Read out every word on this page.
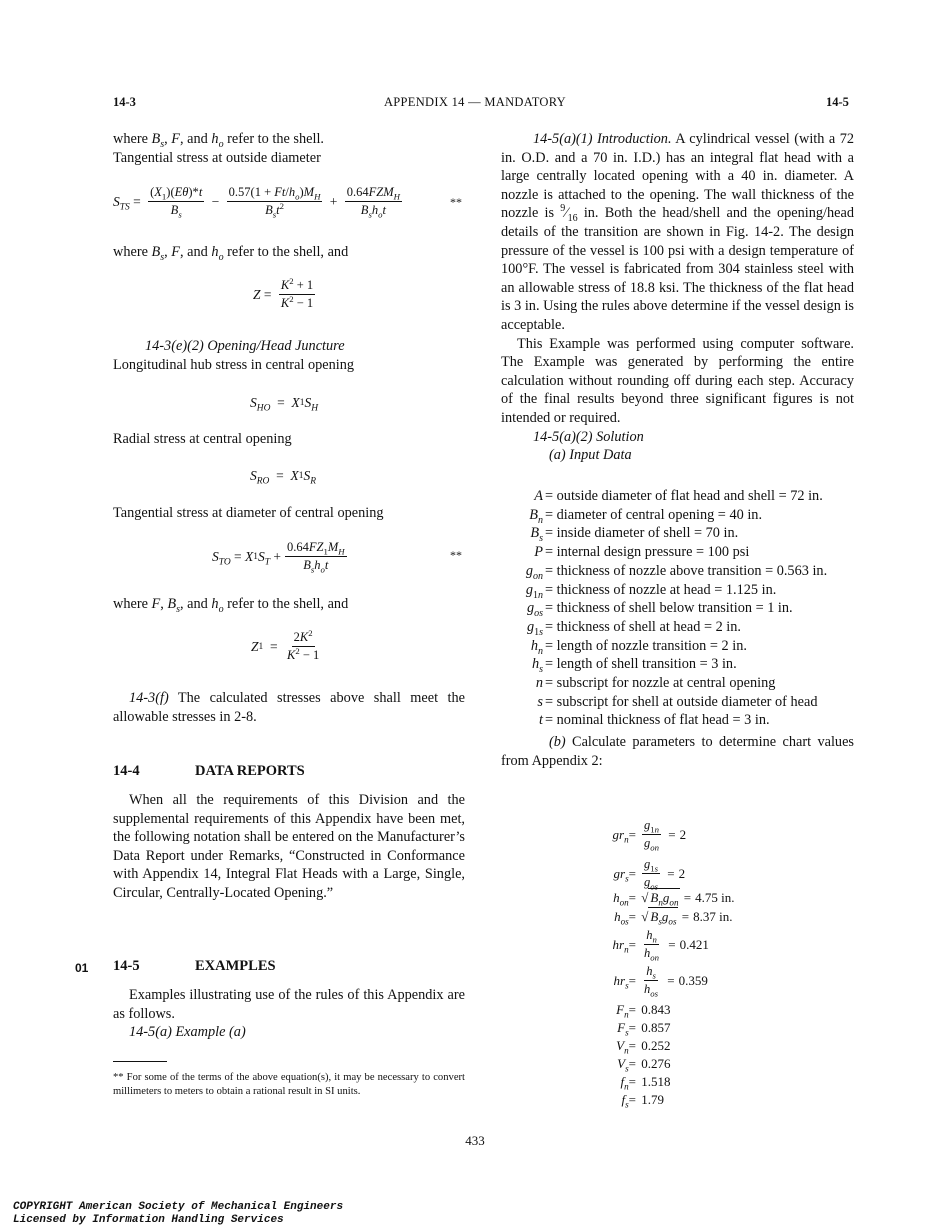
14-3	APPENDIX 14 — MANDATORY	14-5

where $B_s$, F, and $h_o$ refer to the shell.

Tangential stress at outside diameter

$S_{TS} = \frac{(X_1)(E\theta)*t}{B_s} - \frac{0.57(1 + Ft/h_o)M_H}{B_st^2} + \frac{0.64FZM_H}{B_sh_ot}$	**

where $B_s$, F, and $h_o$ refer to the shell, and

$Z = \frac{K^2 + 1}{K^2 - 1}$

14-3(e)(2) Opening/Head Juncture

Longitudinal hub stress in central opening

$S_{HO} = X$ 1 $S_H$
Radial stress at central opening
$S_{RO} = X$ 1 $S_R$
Tangential stress at diameter of central opening
$S_{TO} = X$ 1 $S_T + \frac{0.64FZ_1M_H}{B_sh_ot}$	**

where F, $B_s$, and $h_o$ refer to the shell, and

Z $1 = \frac{2K^2}{K^2 - 1}$

14-3(f) The calculated stresses above shall meet the allowable stresses in 2-8.

14-4	DATA REPORTS

When all the requirements of this Division and the supplemental requirements of this Appendix have been met, the following notation shall be entered on the Manufacturer’s Data Report under Remarks, “Constructed in Conformance with Appendix 14, Integral Flat Heads with a Large, Single, Circular, Centrally-Located Opening.”

01 14-5	EXAMPLES

Examples illustrating use of the rules of this Appendix are as follows.

14-5(a) Example (a)

** For some of the terms of the above equation(s), it may be necessary to convert millimeters to meters to obtain a rational result in SI units.

14-5(a)(1) Introduction. A cylindrical vessel (with a 72 in. O.D. and a 70 in. I.D.) has an integral flat head with a large centrally located opening with a 40 in. diameter. A nozzle is attached to the opening. The wall thickness of the nozzle is $^9⁄_{16}$ in. Both the head/shell and the opening/head details of the transition are shown in Fig. 14-2. The design pressure of the vessel is 100 psi with a design temperature of 100°F. The vessel is fabricated from 304 stainless steel with an allowable stress of 18.8 ksi. The thickness of the flat head is 3 in. Using the rules above determine if the vessel design is acceptable.

This Example was performed using computer software. The Example was generated by performing the entire calculation without rounding off during each step. Accuracy of the final results beyond three significant figures is not intended or required.

14-5(a)(2) Solution

(a) Input Data

A = outside diameter of flat head and shell = 72 in.
$B_n$ = diameter of central opening = 40 in.
$B_s$ = inside diameter of shell = 70 in.
P = internal design pressure = 100 psi
$g_{on}$ = thickness of nozzle above transition = 0.563 in.
$g_{1n}$ = thickness of nozzle at head = 1.125 in.
$g_{os}$ = thickness of shell below transition = 1 in.
$g_{1s}$ = thickness of shell at head = 2 in.
$h_n$ = length of nozzle transition = 2 in.
$h_s$ = length of shell transition = 3 in.
n = subscript for nozzle at central opening
s = subscript for shell at outside diameter of head
t = nominal thickness of flat head = 3 in.

(b) Calculate parameters to determine chart values from Appendix 2:

$gr_n= \frac{g_{1n}}{g_{on}} = 2$
$gr_s= \frac{g_{1s}}{g_{os}} = 2$
$h_{on}=$ √ $B_ng_{on} = 4.75$ in.
$h_{os}=$ √ $B_sg_{os} = 8.37$ in.
$hr_n= \frac{h_n}{h_{on}} = 0.421$
$hr_s= \frac{h_s}{h_{os}} = 0.359$
$F_n=$
0.843
$F_s=$
0.857
$V_n=$
0.252
$V_s=$
0.276
$f_n=$
1.518
$f_s=$
1.79
433
COPYRIGHT American Society of Mechanical Engineers
Licensed by Information Handling Services
